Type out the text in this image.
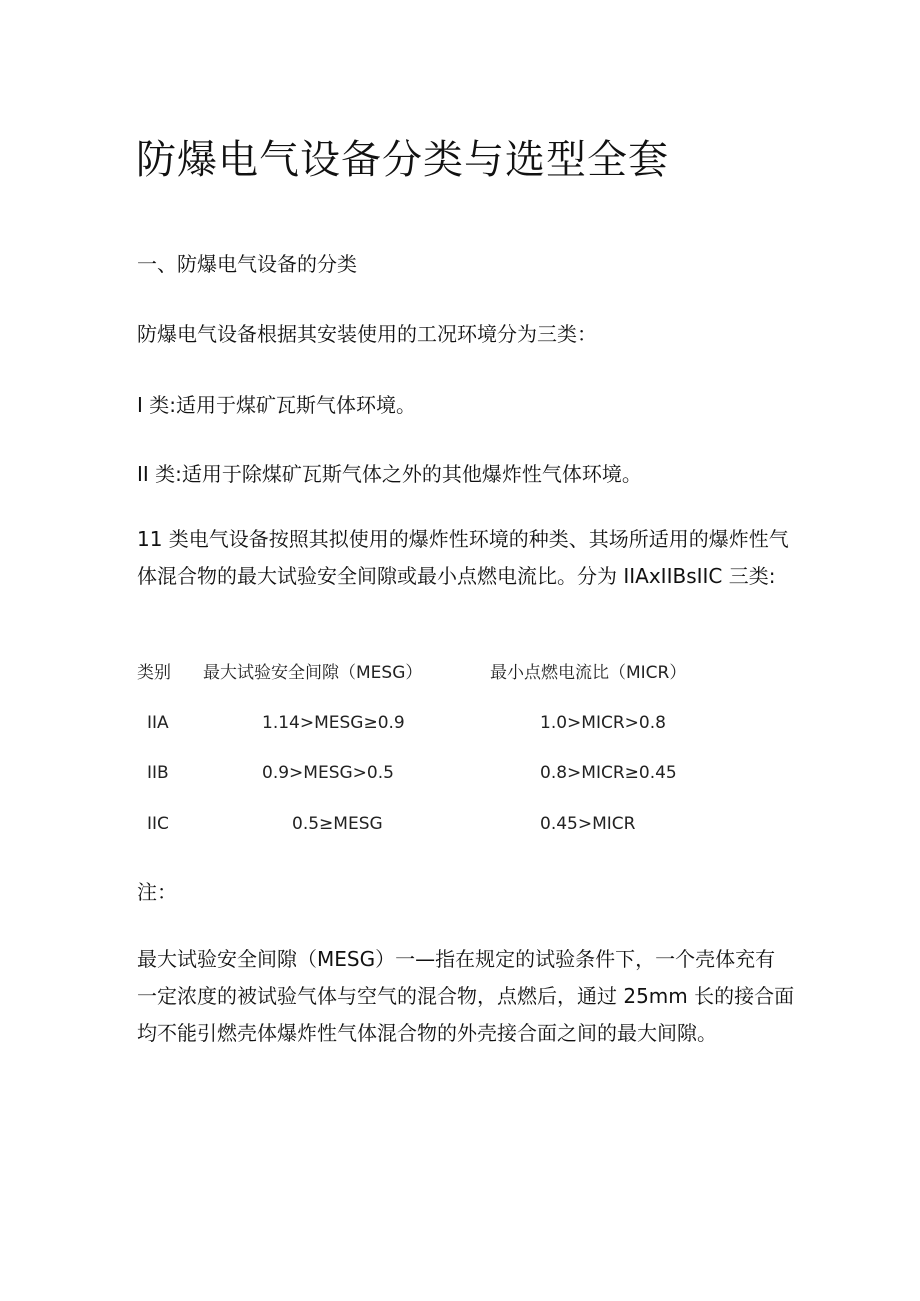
防爆电气设备分类与选型全套
一、防爆电气设备的分类
防爆电气设备根据其安装使用的工况环境分为三类：
I 类:适用于煤矿瓦斯气体环境。
II 类:适用于除煤矿瓦斯气体之外的其他爆炸性气体环境。
11 类电气设备按照其拟使用的爆炸性环境的种类、其场所适用的爆炸性气
体混合物的最大试验安全间隙或最小点燃电流比。分为 IIAxIIBsIIC 三类:
类别 最大试验安全间隙（MESG）	最小点燃电流比（MICR）
IIA	1.14>MESG≥0.9	1.0>MICR>0.8
IIB	0.9>MESG>0.5	0.8>MICR≥0.45
IIC	0.5≥MESG	0.45>MICR
注：
最大试验安全间隙（MESG）一—指在规定的试验条件下，一个壳体充有
一定浓度的被试验气体与空气的混合物，点燃后，通过 25mm 长的接合面
均不能引燃壳体爆炸性气体混合物的外壳接合面之间的最大间隙。
